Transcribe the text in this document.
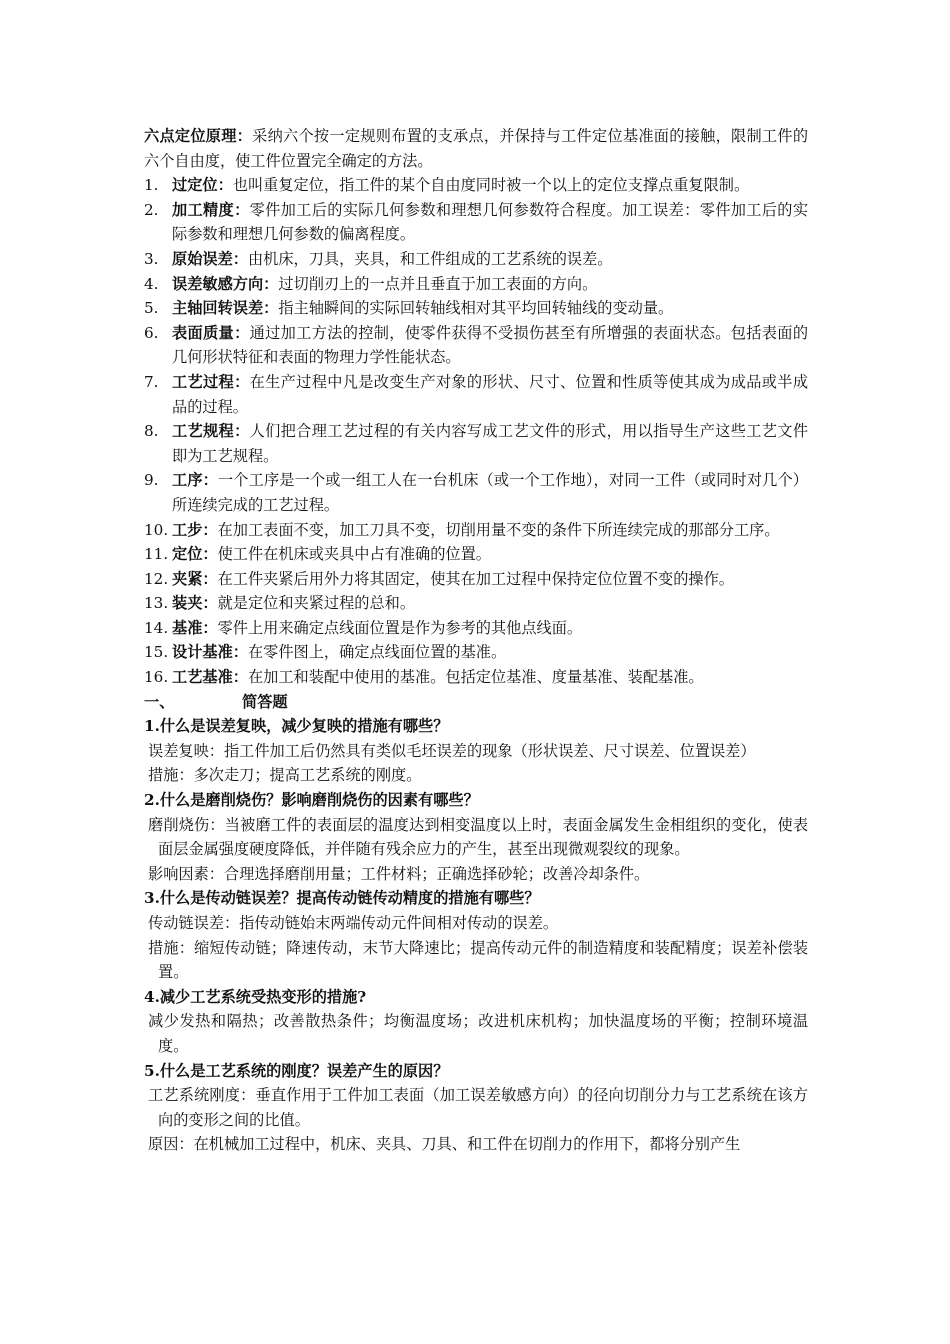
六点定位原理：采纳六个按一定规则布置的支承点，并保持与工件定位基准面的接触，限制工件的六个自由度，使工件位置完全确定的方法。

1. 过定位：也叫重复定位，指工件的某个自由度同时被一个以上的定位支撑点重复限制。
2. 加工精度：零件加工后的实际几何参数和理想几何参数符合程度。加工误差：零件加工后的实际参数和理想几何参数的偏离程度。
3. 原始误差：由机床，刀具，夹具，和工件组成的工艺系统的误差。
4. 误差敏感方向：过切削刃上的一点并且垂直于加工表面的方向。
5. 主轴回转误差：指主轴瞬间的实际回转轴线相对其平均回转轴线的变动量。
6. 表面质量：通过加工方法的控制，使零件获得不受损伤甚至有所增强的表面状态。包括表面的几何形状特征和表面的物理力学性能状态。
7. 工艺过程：在生产过程中凡是改变生产对象的形状、尺寸、位置和性质等使其成为成品或半成品的过程。
8. 工艺规程：人们把合理工艺过程的有关内容写成工艺文件的形式，用以指导生产这些工艺文件即为工艺规程。
9. 工序：一个工序是一个或一组工人在一台机床（或一个工作地），对同一工件（或同时对几个）所连续完成的工艺过程。
10. 工步：在加工表面不变，加工刀具不变，切削用量不变的条件下所连续完成的那部分工序。
11. 定位：使工件在机床或夹具中占有准确的位置。
12. 夹紧：在工件夹紧后用外力将其固定，使其在加工过程中保持定位位置不变的操作。
13. 装夹：就是定位和夹紧过程的总和。
14. 基准：零件上用来确定点线面位置是作为参考的其他点线面。
15. 设计基准：在零件图上，确定点线面位置的基准。
16. 工艺基准：在加工和装配中使用的基准。包括定位基准、度量基准、装配基准。
一、	简答题
1.什么是误差复映，减少复映的措施有哪些？

误差复映：指工件加工后仍然具有类似毛坯误差的现象（形状误差、尺寸误差、位置误差）

措施：多次走刀；提高工艺系统的刚度。

2.什么是磨削烧伤？影响磨削烧伤的因素有哪些？

磨削烧伤：当被磨工件的表面层的温度达到相变温度以上时，表面金属发生金相组织的变化，使表面层金属强度硬度降低，并伴随有残余应力的产生，甚至出现微观裂纹的现象。

影响因素：合理选择磨削用量；工件材料；正确选择砂轮；改善冷却条件。

3.什么是传动链误差？提高传动链传动精度的措施有哪些？

传动链误差：指传动链始末两端传动元件间相对传动的误差。

措施：缩短传动链；降速传动，末节大降速比；提高传动元件的制造精度和装配精度；误差补偿装置。

4.减少工艺系统受热变形的措施?

减少发热和隔热；改善散热条件；均衡温度场；改进机床机构；加快温度场的平衡；控制环境温度。

5.什么是工艺系统的刚度？误差产生的原因？

工艺系统刚度：垂直作用于工件加工表面（加工误差敏感方向）的径向切削分力与工艺系统在该方向的变形之间的比值。

原因：在机械加工过程中，机床、夹具、刀具、和工件在切削力的作用下，都将分别产生
